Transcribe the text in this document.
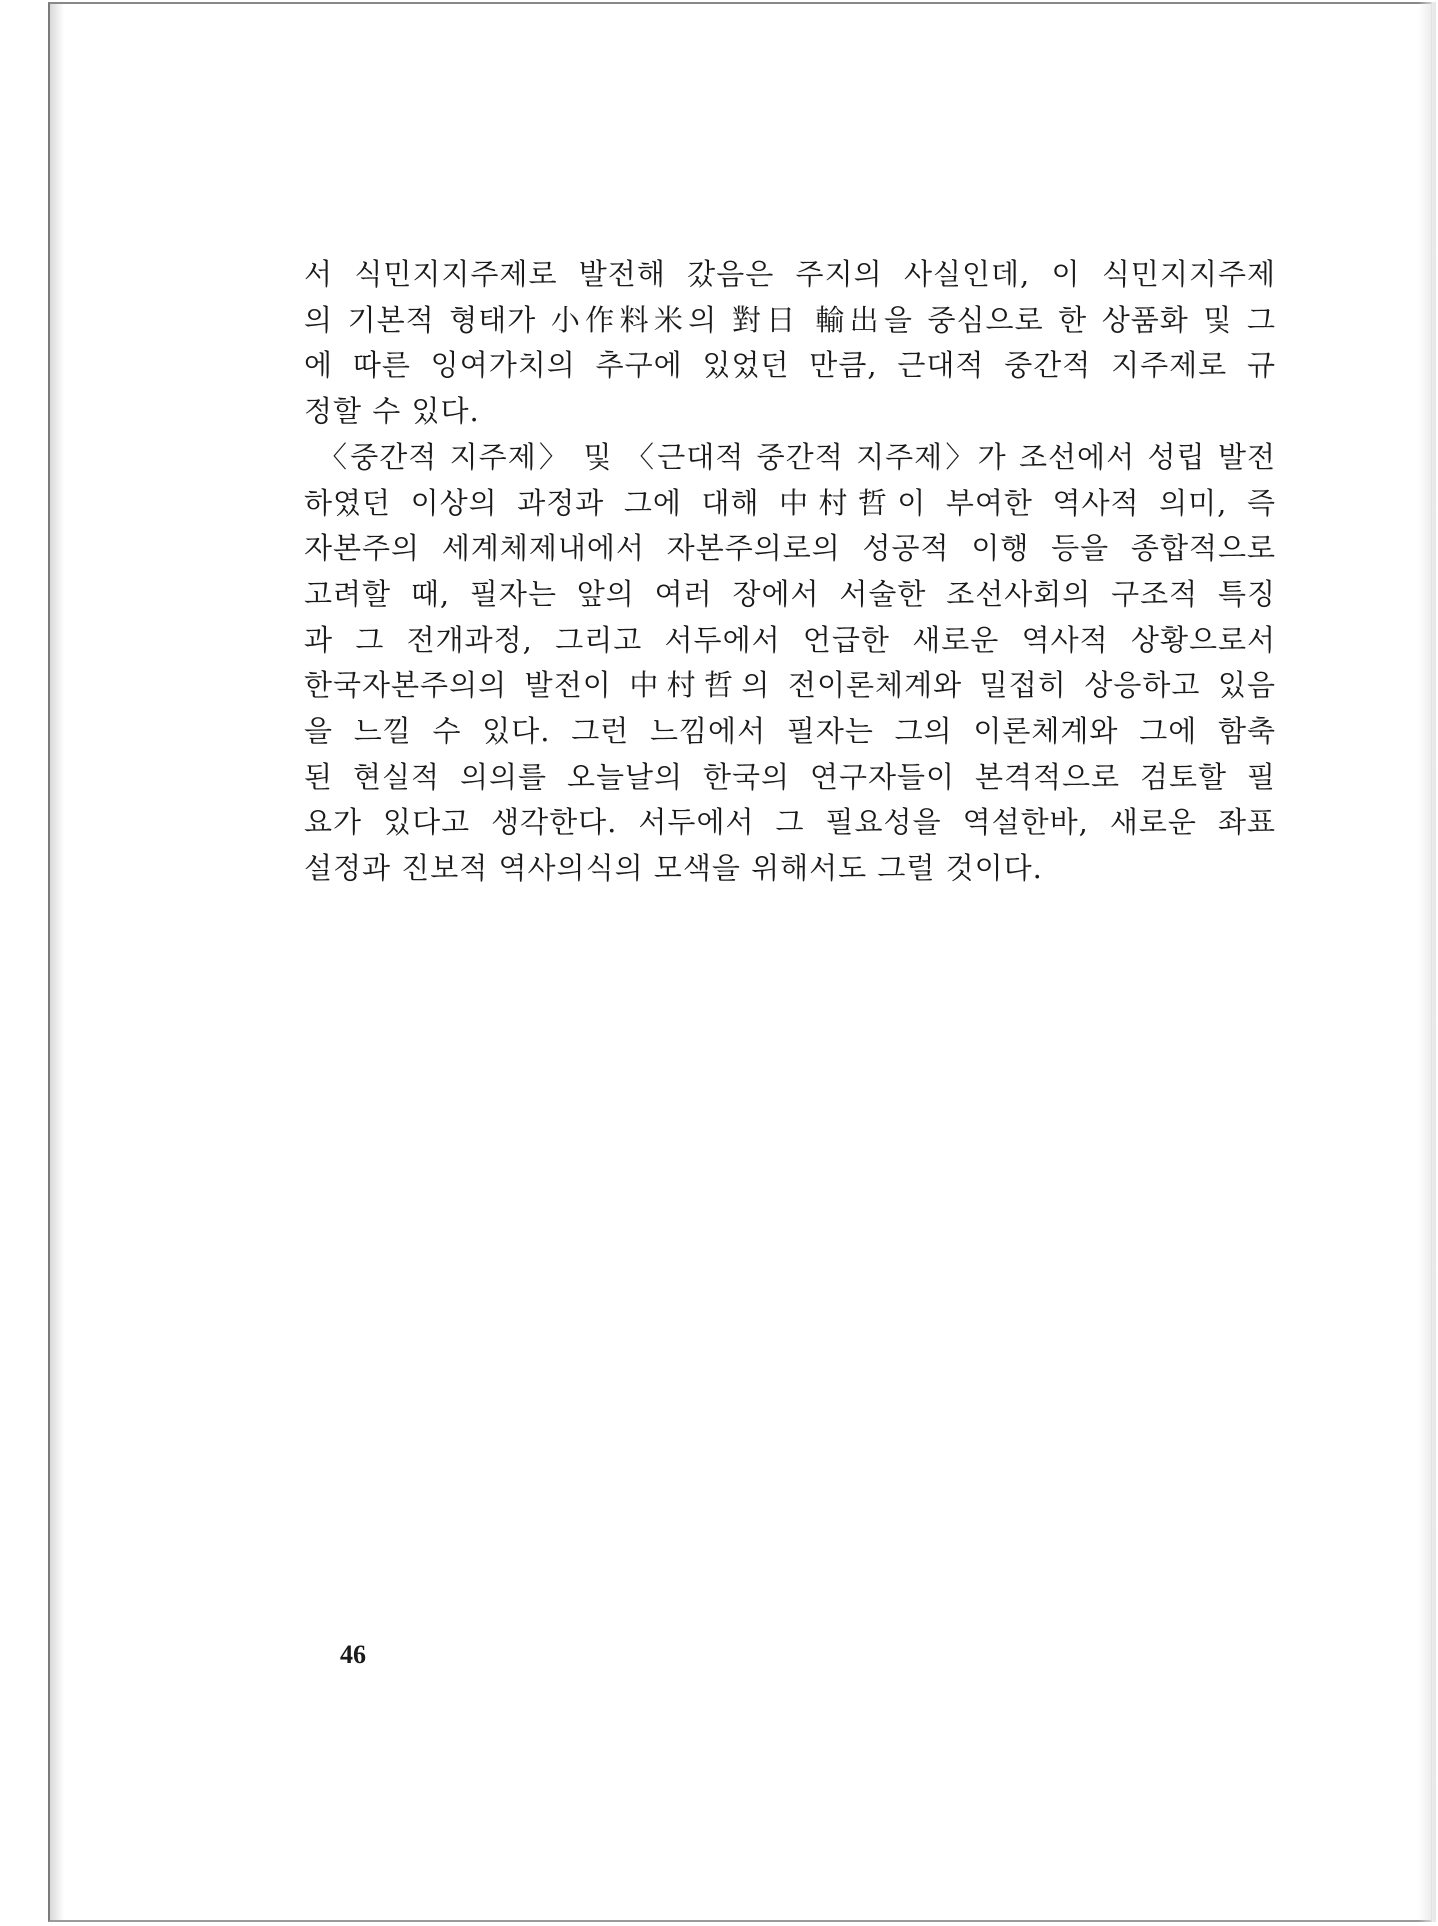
서 식민지지주제로 발전해 갔음은 주지의 사실인데, 이 식민지지주제
의 기본적 형태가 小作料米의 對日 輸出을 중심으로 한 상품화 및 그
에 따른 잉여가치의 추구에 있었던 만큼, 근대적 중간적 지주제로 규
정할 수 있다.
〈중간적 지주제〉 및 〈근대적 중간적 지주제〉가 조선에서 성립 발전
하였던 이상의 과정과 그에 대해 中村哲이 부여한 역사적 의미, 즉
자본주의 세계체제내에서 자본주의로의 성공적 이행 등을 종합적으로
고려할 때, 필자는 앞의 여러 장에서 서술한 조선사회의 구조적 특징
과 그 전개과정, 그리고 서두에서 언급한 새로운 역사적 상황으로서
한국자본주의의 발전이 中村哲의 전이론체계와 밀접히 상응하고 있음
을 느낄 수 있다. 그런 느낌에서 필자는 그의 이론체계와 그에 함축
된 현실적 의의를 오늘날의 한국의 연구자들이 본격적으로 검토할 필
요가 있다고 생각한다. 서두에서 그 필요성을 역설한바, 새로운 좌표
설정과 진보적 역사의식의 모색을 위해서도 그럴 것이다.
46
